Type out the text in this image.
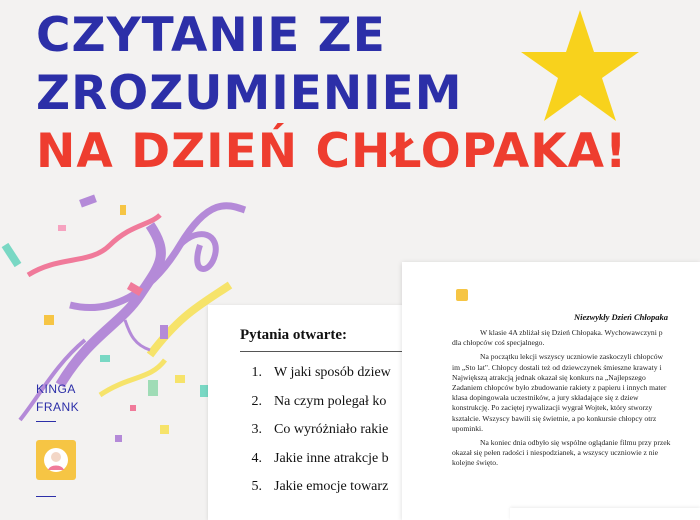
CZYTANIE ZE
ZROZUMIENIEM
NA DZIEŃ CHŁOPAKA!
KINGA
FRANK
Pytania otwarte:
1. W jaki sposób dziew
2. Na czym polegał ko
3. Co wyróżniało rakie
4. Jakie inne atrakcje b
5. Jakie emocje towarz
Niezwykły Dzień Chłopaka

W klasie 4A zbliżał się Dzień Chłopaka. Wychowawczyni p
dla chłopców coś specjalnego.

Na początku lekcji wszyscy uczniowie zaskoczyli chłopców
im „Sto lat". Chłopcy dostali też od dziewczynek śmieszne krawaty i
Największą atrakcją jednak okazał się konkurs na „Najlepszego
Zadaniem chłopców było zbudowanie rakiety z papieru i innych mater
klasa dopingowała uczestników, a jury składające się z dziew
konstrukcję. Po zaciętej rywalizacji wygrał Wojtek, który stworzy
kształcie. Wszyscy bawili się świetnie, a po konkursie chłopcy otrz
upominki.

Na koniec dnia odbyło się wspólne oglądanie filmu przy przek
okazał się pełen radości i niespodzianek, a wszyscy uczniowie z nie
kolejne święto.
